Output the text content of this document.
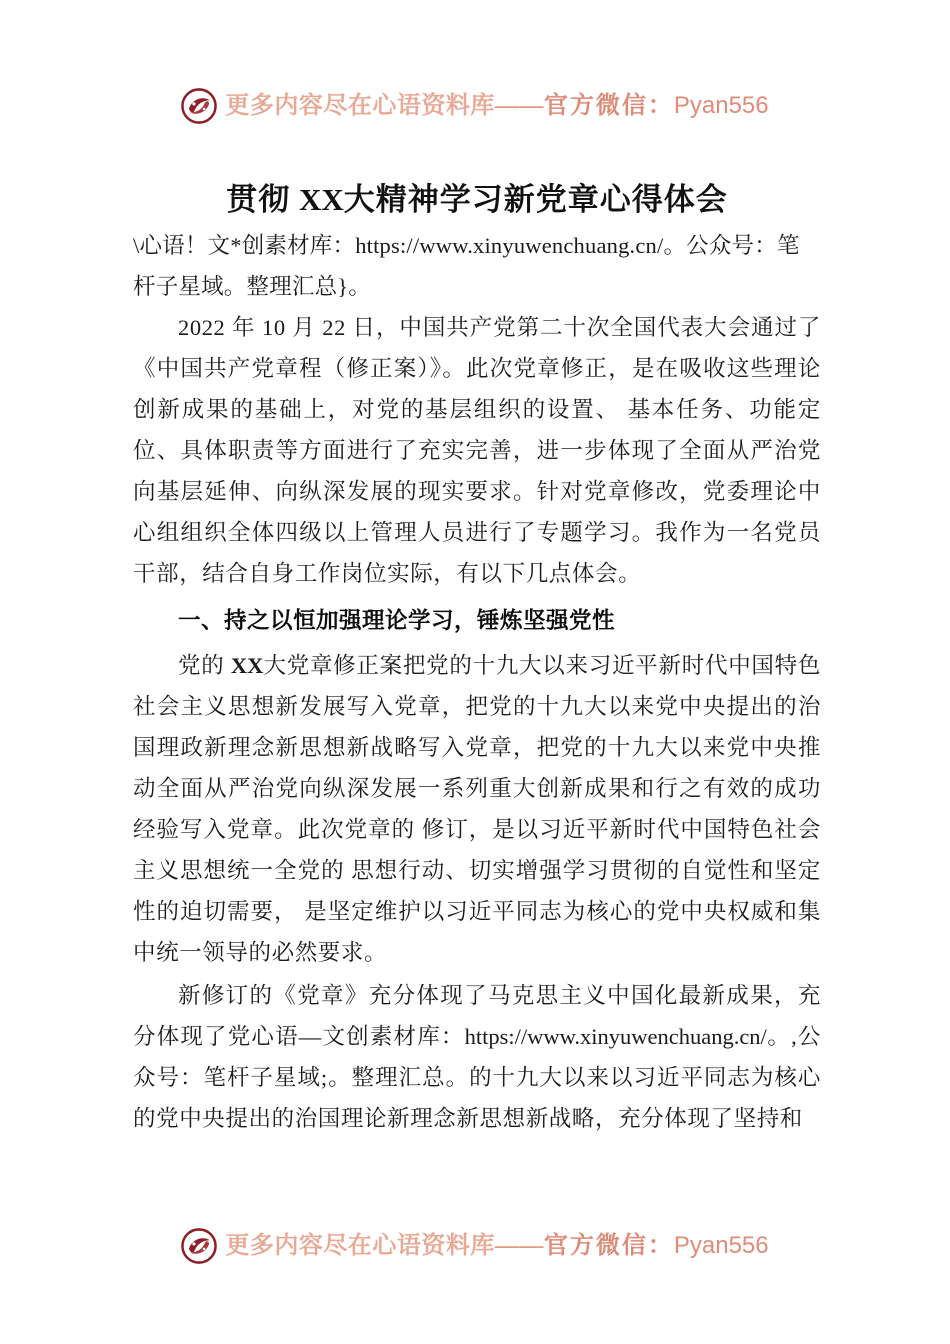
更多内容尽在心语资料库——官方微信：Pyan556
贯彻 XX大精神学习新党章心得体会

\心语！文*创素材库：https://www.xinyuwenchuang.cn/。公众号：笔杆子星域。整理汇总}。

2022 年 10 月 22 日，中国共产党第二十次全国代表大会通过了《中国共产党章程（修正案）》。此次党章修正，是在吸收这些理论创新成果的基础上，对党的基层组织的设置、 基本任务、功能定位、具体职责等方面进行了充实完善，进一步体现了全面从严治党向基层延伸、向纵深发展的现实要求。针对党章修改，党委理论中心组组织全体四级以上管理人员进行了专题学习。我作为一名党员干部，结合自身工作岗位实际，有以下几点体会。

一、持之以恒加强理论学习，锤炼坚强党性

党的 XX大党章修正案把党的十九大以来习近平新时代中国特色社会主义思想新发展写入党章，把党的十九大以来党中央提出的治国理政新理念新思想新战略写入党章，把党的十九大以来党中央推动全面从严治党向纵深发展一系列重大创新成果和行之有效的成功经验写入党章。此次党章的 修订，是以习近平新时代中国特色社会主义思想统一全党的 思想行动、切实增强学习贯彻的自觉性和坚定性的迫切需要， 是坚定维护以习近平同志为核心的党中央权威和集中统一领导的必然要求。

新修订的《党章》充分体现了马克思主义中国化最新成果，充分体现了党心语—文创素材库：https://www.xinyuwenchuang.cn/。,公众号：笔杆子星域;。整理汇总。的十九大以来以习近平同志为核心的党中央提出的治国理论新理念新思想新战略，充分体现了坚持和

更多内容尽在心语资料库——官方微信：Pyan556
